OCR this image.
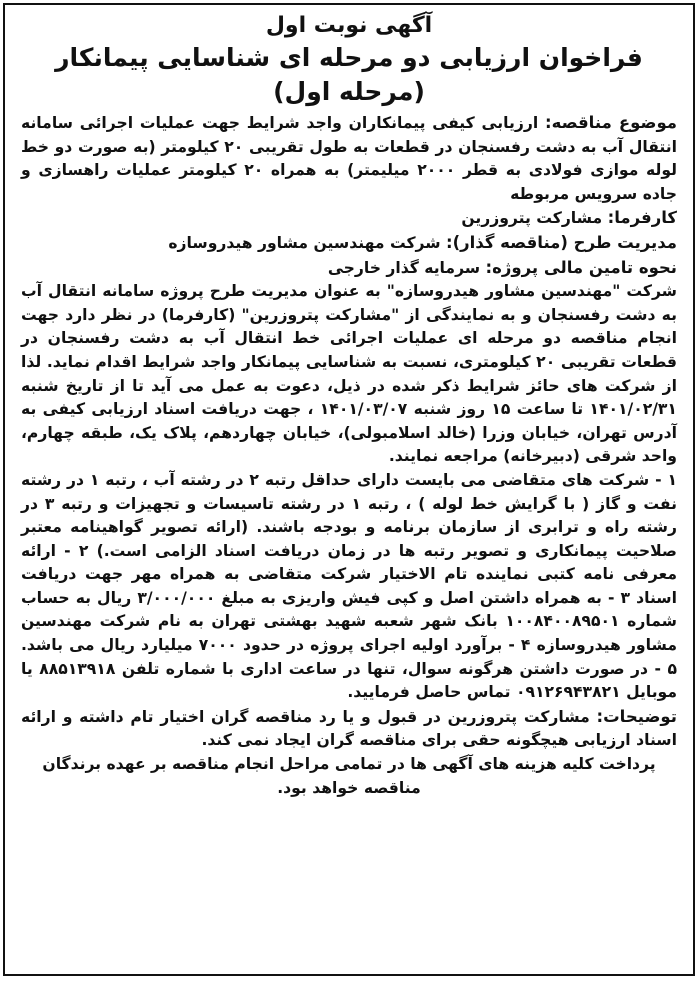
آگهی نوبت اول
فراخوان ارزیابی دو مرحله ای شناسایی پیمانکار (مرحله اول)

موضوع مناقصه: ارزیابی کیفی پیمانکاران واجد شرایط جهت عملیات اجرائی سامانه انتقال آب به دشت رفسنجان در قطعات به طول تقریبی ۲۰ کیلومتر (به صورت دو خط لوله موازی فولادی به قطر ۲۰۰۰ میلیمتر) به همراه ۲۰ کیلومتر عملیات راهسازی و جاده سرویس مربوطه

کارفرما: مشارکت پتروزرین

مدیریت طرح (مناقصه گذار): شرکت مهندسین مشاور هیدروسازه

نحوه تامین مالی پروژه: سرمایه گذار خارجی

شرکت "مهندسین مشاور هیدروسازه" به عنوان مدیریت طرح پروژه سامانه انتقال آب به دشت رفسنجان و به نمایندگی از "مشارکت پتروزرین" (کارفرما) در نظر دارد جهت انجام مناقصه دو مرحله ای عملیات اجرائی خط انتقال آب به دشت رفسنجان در قطعات تقریبی ۲۰ کیلومتری، نسبت به شناسایی پیمانکار واجد شرایط اقدام نماید. لذا از شرکت های حائز شرایط ذکر شده در ذیل، دعوت به عمل می آید تا از تاریخ شنبه ۱۴۰۱/۰۲/۳۱ تا ساعت ۱۵ روز شنبه ۱۴۰۱/۰۳/۰۷ ، جهت دریافت اسناد ارزیابی کیفی به آدرس تهران، خیابان وزرا (خالد اسلامبولی)، خیابان چهاردهم، پلاک یک، طبقه چهارم، واحد شرقی (دبیرخانه) مراجعه نمایند.

۱ - شرکت های متقاضی می بایست دارای حداقل رتبه ۲ در رشته آب ، رتبه ۱ در رشته نفت و گاز ( با گرایش خط لوله ) ، رتبه ۱ در رشته تاسیسات و تجهیزات و رتبه ۳ در رشته راه و ترابری از سازمان برنامه و بودجه باشند. (ارائه تصویر گواهینامه معتبر صلاحیت پیمانکاری و تصویر رتبه ها در زمان دریافت اسناد الزامی است.) ۲ - ارائه معرفی نامه کتبی نماینده تام الاختیار شرکت متقاضی به همراه مهر جهت دریافت اسناد ۳ - به همراه داشتن اصل و کپی فیش واریزی به مبلغ ۳/۰۰۰/۰۰۰ ریال به حساب شماره ۱۰۰۸۴۰۰۸۹۵۰۱ بانک شهر شعبه شهید بهشتی تهران به نام شرکت مهندسین مشاور هیدروسازه ۴ - برآورد اولیه اجرای پروژه در حدود ۷۰۰۰ میلیارد ریال می باشد. ۵ - در صورت داشتن هرگونه سوال، تنها در ساعت اداری با شماره تلفن ۸۸۵۱۳۹۱۸ یا موبایل ۰۹۱۲۶۹۴۳۸۲۱ تماس حاصل فرمایید.

توضیحات: مشارکت پتروزرین در قبول و یا رد مناقصه گران اختیار تام داشته و ارائه اسناد ارزیابی هیچگونه حقی برای مناقصه گران ایجاد نمی کند.

پرداخت کلیه هزینه های آگهی ها در تمامی مراحل انجام مناقصه بر عهده برندگان مناقصه خواهد بود.
